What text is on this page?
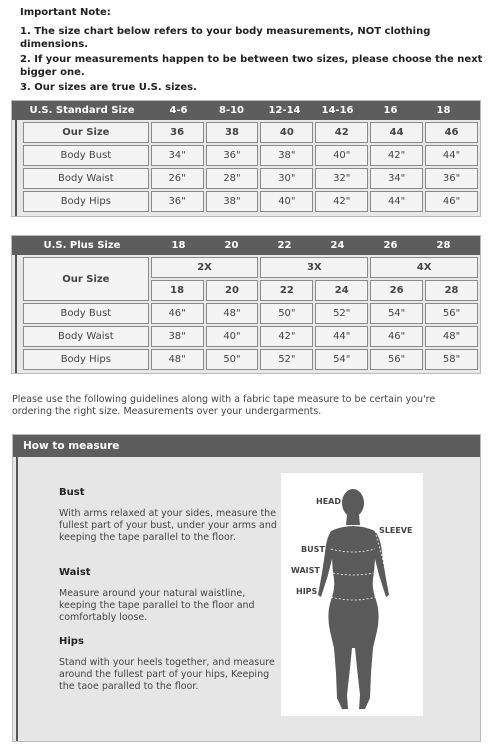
Important Note:

1. The size chart below refers to your body measurements, NOT clothing dimensions.

2. If your measurements happen to be between two sizes, please choose the next bigger one.

3. Our sizes are true U.S. sizes.

U.S. Standard Size	4-6	8-10	12-14	14-16	16	18
Our Size	36	38	40	42	44	46
Body Bust	34"	36"	38"	40"	42"	44"
Body Waist	26"	28"	30"	32"	34"	36"
Body Hips	36"	38"	40"	42"	44"	46"
U.S. Plus Size	18	20	22	24	26	28
Our Size	2X		3X		4X	
	18	20	22	24	26	28
Body Bust	46"	48"	50"	52"	54"	56"
Body Waist	38"	40"	42"	44"	46"	48"
Body Hips	48"	50"	52"	54"	56"	58"
Please use the following guidelines along with a fabric tape measure to be certain you're ordering the right size. Measurements over your undergarments.
How to measure
Bust
With arms relaxed at your sides, measure the fullest part of your bust, under your arms and keeping the tape parallel to the floor.
Waist
Measure around your natural waistline, keeping the tape parallel to the floor and comfortably loose.
Hips
Stand with your heels together, and measure around the fullest part of your hips, Keeping the taoe paralled to the floor.
HEAD
SLEEVE
BUST
WAIST
HIPS
